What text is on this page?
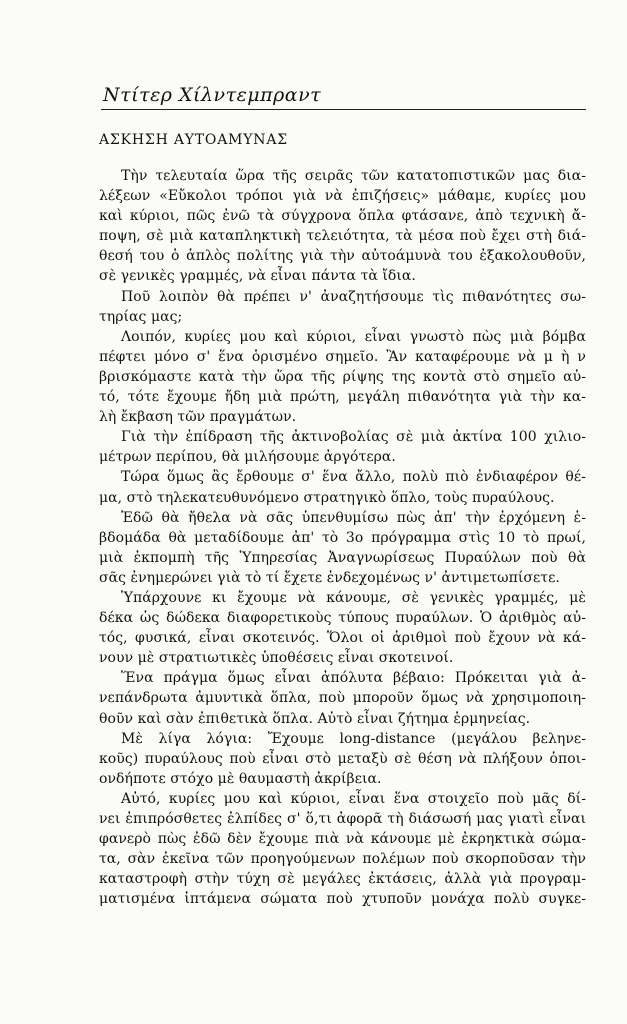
Ντίτερ Χίλντεμπραντ
ΑΣΚΗΣΗ ΑΥΤΟΑΜΥΝΑΣ
Τὴν τελευταία ὥρα τῆς σειρᾶς τῶν κατατοπιστικῶν μας δια-
λέξεων «Εὔκολοι τρόποι γιὰ νὰ ἐπιζήσεις» μάθαμε, κυρίες μου
καὶ κύριοι, πῶς ἐνῶ τὰ σύγχρονα ὅπλα φτάσανε, ἀπὸ τεχνικὴ ἄ-
ποψη, σὲ μιὰ καταπληκτικὴ τελειότητα, τὰ μέσα ποὺ ἔχει στὴ διά-
θεσή του ὁ ἁπλὸς πολίτης γιὰ τὴν αὐτοάμυνὰ του ἐξακολουθοῦν,
σὲ γενικὲς γραμμές, νὰ εἶναι πάντα τὰ ἴδια.
Ποῦ λοιπὸν θὰ πρέπει ν' ἀναζητήσουμε τὶς πιθανότητες σω-
τηρίας μας;
Λοιπόν, κυρίες μου καὶ κύριοι, εἶναι γνωστὸ πὼς μιὰ βόμβα
πέφτει μόνο σ' ἕνα ὁρισμένο σημεῖο. Ἂν καταφέρουμε νὰ μ ὴ ν
βρισκόμαστε κατὰ τὴν ὥρα τῆς ρίψης της κοντὰ στὸ σημεῖο αὐ-
τό, τότε ἔχουμε ἤδη μιὰ πρώτη, μεγάλη πιθανότητα γιὰ τὴν κα-
λὴ ἔκβαση τῶν πραγμάτων.
Γιὰ τὴν ἐπίδραση τῆς ἀκτινοβολίας σὲ μιὰ ἀκτίνα 100 χιλιο-
μέτρων περίπου, θὰ μιλήσουμε ἀργότερα.
Τώρα ὅμως ἂς ἔρθουμε σ' ἕνα ἄλλο, πολὺ πιὸ ἐνδιαφέρον θέ-
μα, στὸ τηλεκατευθυνόμενο στρατηγικὸ ὅπλο, τοὺς πυραύλους.
Ἐδῶ θὰ ἤθελα νὰ σᾶς ὑπενθυμίσω πὼς ἀπ' τὴν ἐρχόμενη ἑ-
βδομάδα θὰ μεταδίδουμε ἀπ' τὸ 3ο πρόγραμμα στὶς 10 τὸ πρωί,
μιὰ ἐκπομπὴ τῆς Ὑπηρεσίας Ἀναγνωρίσεως Πυραύλων ποὺ θὰ
σᾶς ἐνημερώνει γιὰ τὸ τί ἔχετε ἐνδεχομένως ν' ἀντιμετωπίσετε.
Ὑπάρχουνε κι ἔχουμε νὰ κάνουμε, σὲ γενικὲς γραμμές, μὲ
δέκα ὡς δώδεκα διαφορετικοὺς τύπους πυραύλων. Ὁ ἀριθμὸς αὐ-
τός, φυσικά, εἶναι σκοτεινός. Ὅλοι οἱ ἀριθμοὶ ποὺ ἔχουν νὰ κά-
νουν μὲ στρατιωτικὲς ὑποθέσεις εἶναι σκοτεινοί.
Ἕνα πράγμα ὅμως εἶναι ἀπόλυτα βέβαιο: Πρόκειται γιὰ ἀ-
νεπάνδρωτα ἀμυντικὰ ὅπλα, ποὺ μποροῦν ὅμως νὰ χρησιμοποιη-
θοῦν καὶ σὰν ἐπιθετικὰ ὅπλα. Αὐτὸ εἶναι ζήτημα ἑρμηνείας.
Μὲ λίγα λόγια: Ἔχουμε long-distance (μεγάλου βεληνε-
κοῦς) πυραύλους ποὺ εἶναι στὸ μεταξὺ σὲ θέση νὰ πλήξουν ὁποι-
ονδήποτε στόχο μὲ θαυμαστὴ ἀκρίβεια.
Αὐτό, κυρίες μου καὶ κύριοι, εἶναι ἕνα στοιχεῖο ποὺ μᾶς δί-
νει ἐπιπρόσθετες ἐλπίδες σ' ὅ,τι ἀφορᾶ τὴ διάσωσή μας γιατὶ εἶναι
φανερὸ πὼς ἐδῶ δὲν ἔχουμε πιὰ νὰ κάνουμε μὲ ἐκρηκτικὰ σώμα-
τα, σὰν ἐκεῖνα τῶν προηγούμενων πολέμων ποὺ σκορποῦσαν τὴν
καταστροφὴ στὴν τύχη σὲ μεγάλες ἐκτάσεις, ἀλλὰ γιὰ προγραμ-
ματισμένα ἱπτάμενα σώματα ποὺ χτυποῦν μονάχα πολὺ συγκε-
